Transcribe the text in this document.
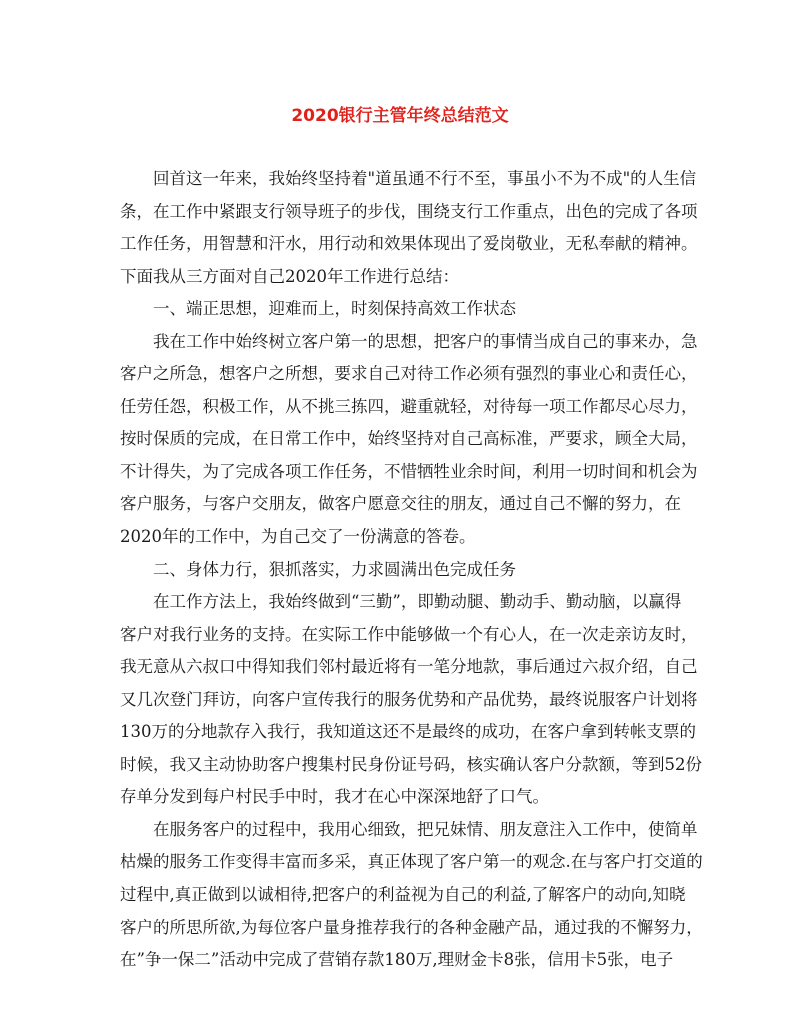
2020银行主管年终总结范文
回首这一年来，我始终坚持着"道虽通不行不至，事虽小不为不成"的人生信
条，在工作中紧跟支行领导班子的步伐，围绕支行工作重点，出色的完成了各项
工作任务，用智慧和汗水，用行动和效果体现出了爱岗敬业，无私奉献的精神。
下面我从三方面对自己2020年工作进行总结：
一、端正思想，迎难而上，时刻保持高效工作状态
我在工作中始终树立客户第一的思想，把客户的事情当成自己的事来办，急
客户之所急，想客户之所想，要求自己对待工作必须有强烈的事业心和责任心，
任劳任怨，积极工作，从不挑三拣四，避重就轻，对待每一项工作都尽心尽力，
按时保质的完成，在日常工作中，始终坚持对自己高标准，严要求，顾全大局，
不计得失，为了完成各项工作任务，不惜牺牲业余时间，利用一切时间和机会为
客户服务，与客户交朋友，做客户愿意交往的朋友，通过自己不懈的努力，在
2020年的工作中，为自己交了一份满意的答卷。
二、身体力行，狠抓落实，力求圆满出色完成任务
在工作方法上，我始终做到“三勤”，即勤动腿、勤动手、勤动脑，以赢得
客户对我行业务的支持。在实际工作中能够做一个有心人，在一次走亲访友时，
我无意从六叔口中得知我们邻村最近将有一笔分地款，事后通过六叔介绍，自己
又几次登门拜访，向客户宣传我行的服务优势和产品优势，最终说服客户计划将
130万的分地款存入我行，我知道这还不是最终的成功，在客户拿到转帐支票的
时候，我又主动协助客户搜集村民身份证号码，核实确认客户分款额，等到52份
存单分发到每户村民手中时，我才在心中深深地舒了口气。
在服务客户的过程中，我用心细致，把兄妹情、朋友意注入工作中，使简单
枯燥的服务工作变得丰富而多采，真正体现了客户第一的观念.在与客户打交道的
过程中,真正做到以诚相待,把客户的利益视为自己的利益,了解客户的动向,知晓
客户的所思所欲,为每位客户量身推荐我行的各种金融产品，通过我的不懈努力，
在”争一保二”活动中完成了营销存款180万,理财金卡8张，信用卡5张，电子
